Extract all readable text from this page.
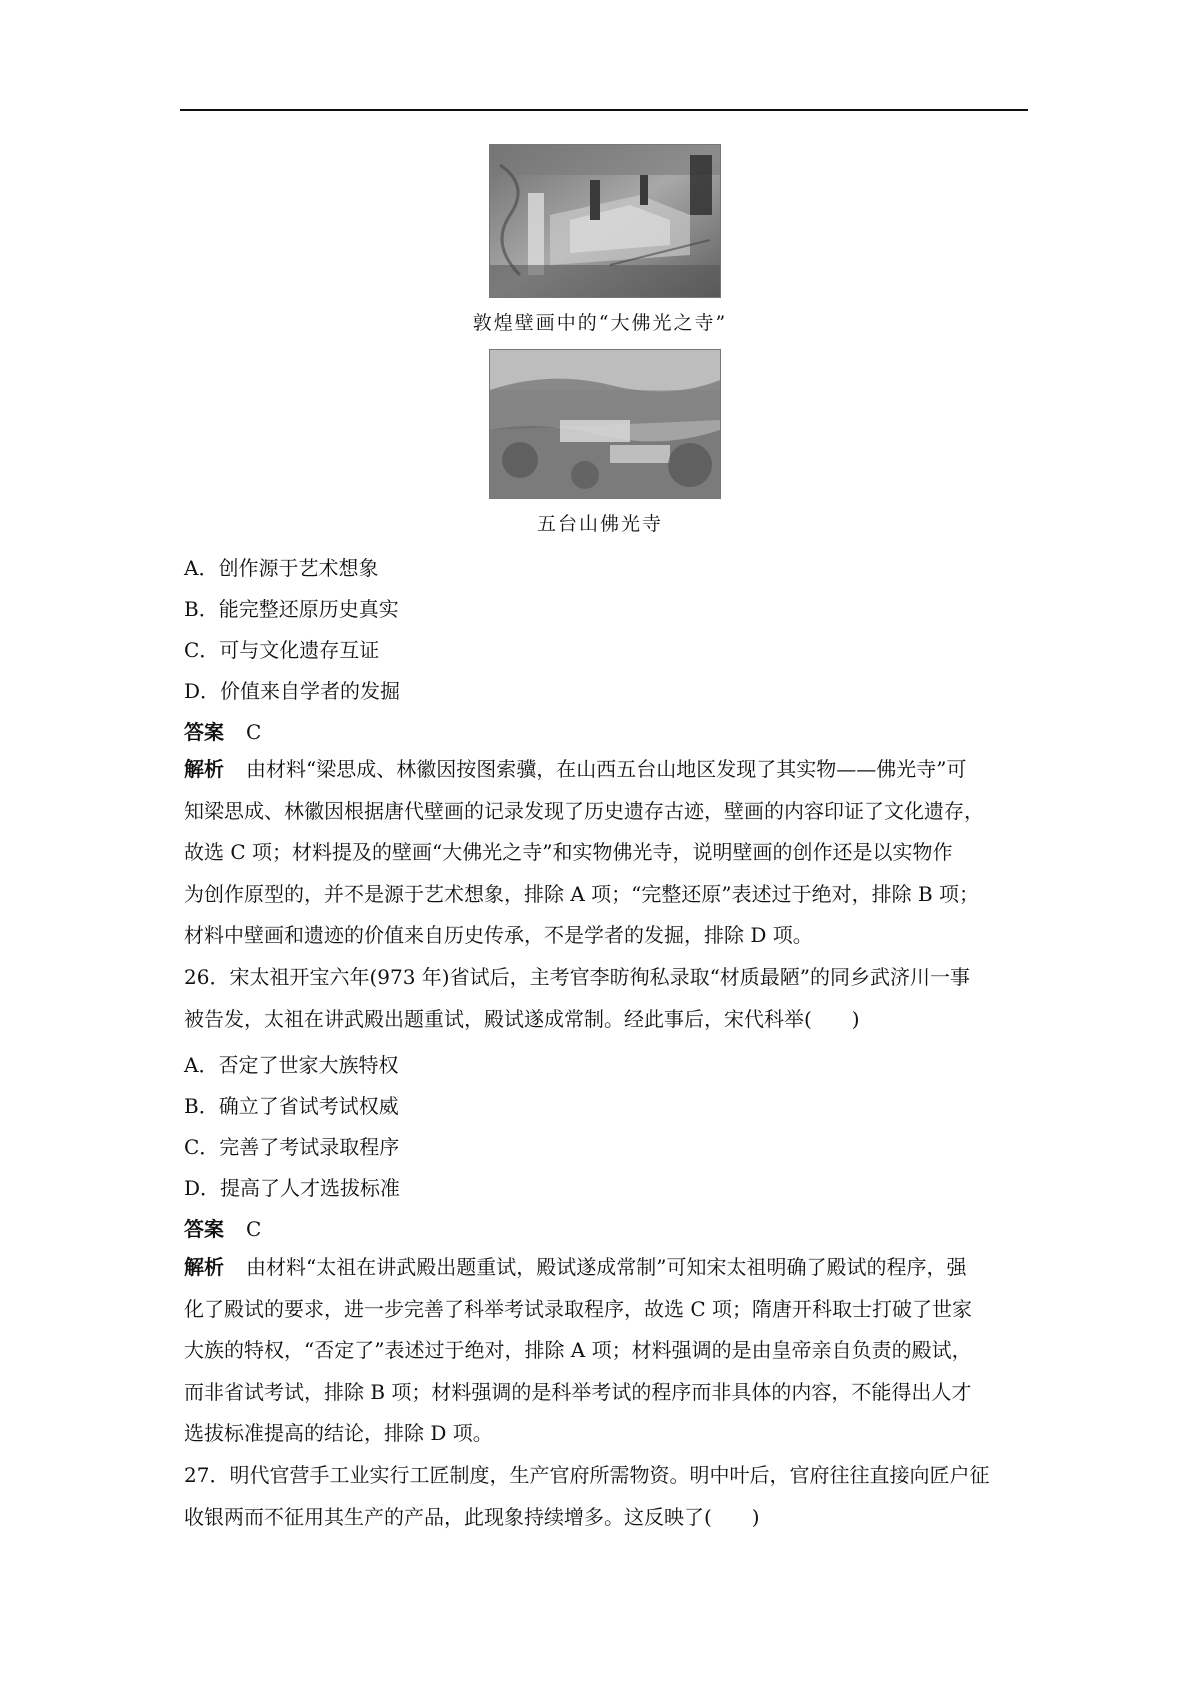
敦煌壁画中的“大佛光之寺”
五台山佛光寺
A．创作源于艺术想象
B．能完整还原历史真实
C．可与文化遗存互证
D．价值来自学者的发掘
答案 C
解析 由材料“梁思成、林徽因按图索骥，在山西五台山地区发现了其实物——佛光寺”可
知梁思成、林徽因根据唐代壁画的记录发现了历史遗存古迹，壁画的内容印证了文化遗存，
故选 C 项；材料提及的壁画“大佛光之寺”和实物佛光寺，说明壁画的创作还是以实物作
为创作原型的，并不是源于艺术想象，排除 A 项；“完整还原”表述过于绝对，排除 B 项；
材料中壁画和遗迹的价值来自历史传承，不是学者的发掘，排除 D 项。
26．宋太祖开宝六年(973 年)省试后，主考官李昉徇私录取“材质最陋”的同乡武济川一事
被告发，太祖在讲武殿出题重试，殿试遂成常制。经此事后，宋代科举(　　)
A．否定了世家大族特权
B．确立了省试考试权威
C．完善了考试录取程序
D．提高了人才选拔标准
答案 C
解析 由材料“太祖在讲武殿出题重试，殿试遂成常制”可知宋太祖明确了殿试的程序，强
化了殿试的要求，进一步完善了科举考试录取程序，故选 C 项；隋唐开科取士打破了世家
大族的特权，“否定了”表述过于绝对，排除 A 项；材料强调的是由皇帝亲自负责的殿试，
而非省试考试，排除 B 项；材料强调的是科举考试的程序而非具体的内容，不能得出人才
选拔标准提高的结论，排除 D 项。
27．明代官营手工业实行工匠制度，生产官府所需物资。明中叶后，官府往往直接向匠户征
收银两而不征用其生产的产品，此现象持续增多。这反映了(　　)
